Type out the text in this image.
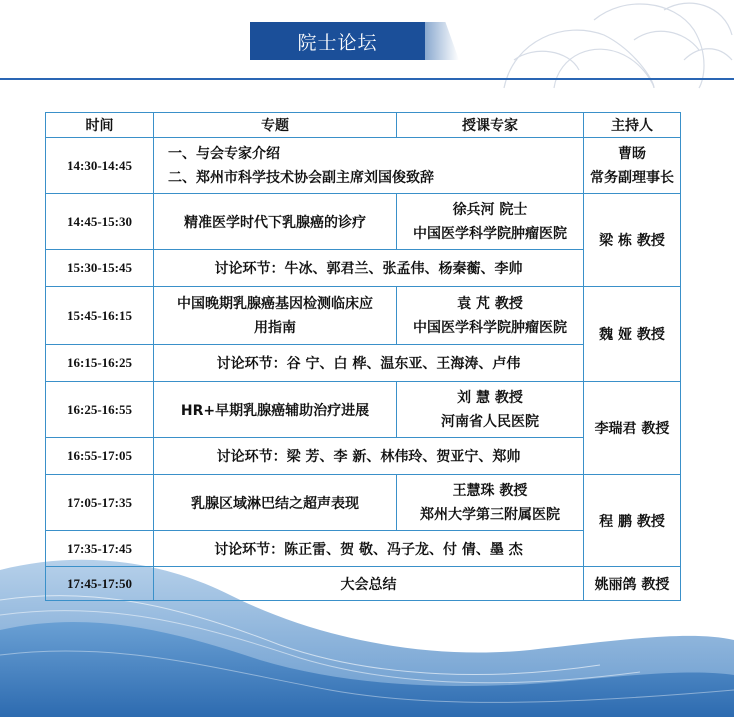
院士论坛
时间	专题	授课专家	主持人
14:30-14:45	一、与会专家介绍
二、郑州市科学技术协会副主席刘国俊致辞		曹旸
常务副理事长

14:45-15:30	精准医学时代下乳腺癌的诊疗	徐兵河 院士
中国医学科学院肿瘤医院	梁 栋 教授
15:30-15:45	讨论环节：牛冰、郭君兰、张孟伟、杨秦蘅、李帅		
15:45-16:15	中国晚期乳腺癌基因检测临床应
用指南	袁 芃 教授
中国医学科学院肿瘤医院	魏 娅 教授
16:15-16:25	讨论环节：谷 宁、白 桦、温东亚、王海涛、卢伟		
16:25-16:55	HR+早期乳腺癌辅助治疗进展	刘 慧 教授
河南省人民医院	李瑞君 教授
16:55-17:05	讨论环节：梁 芳、李 新、林伟玲、贺亚宁、郑帅		
17:05-17:35	乳腺区域淋巴结之超声表现	王慧珠 教授
郑州大学第三附属医院	程 鹏 教授
17:35-17:45	讨论环节：陈正雷、贺 敬、冯子龙、付 倩、墨 杰		
17:45-17:50	大会总结		姚丽鸽 教授
